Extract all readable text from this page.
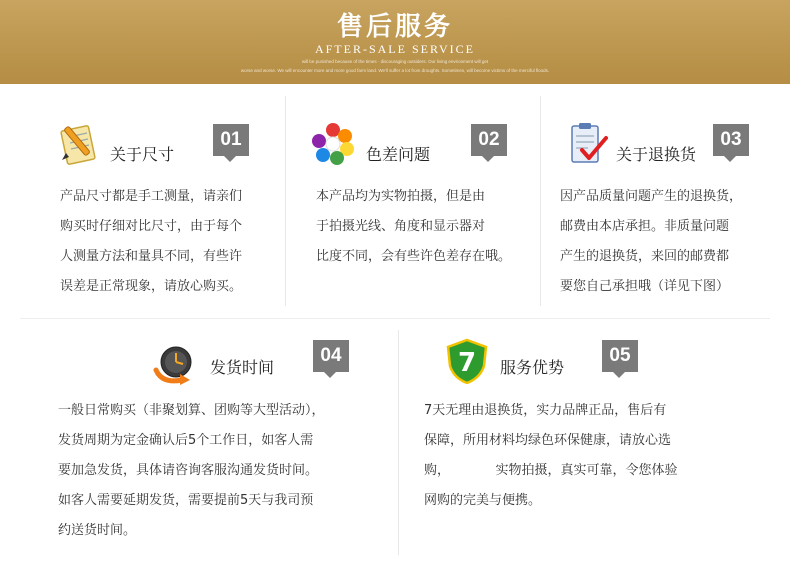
售后服务
AFTER-SALE SERVICE
will be punished because of the times · discouraging outsiders. Our living environment will get
worse and worse. We will encounter more and more good farm land. We'll suffer a lot from droughts. Sometimes, will become victims of the merciful floods.
关于尺寸
01

产品尺寸都是手工测量，请亲们

购买时仔细对比尺寸，由于每个

人测量方法和量具不同，有些许

误差是正常现象，请放心购买。

色差问题
02

本产品均为实物拍摄，但是由

于拍摄光线、角度和显示器对

比度不同，会有些许色差存在哦。

关于退换货
03

因产品质量问题产生的退换货，

邮费由本店承担。非质量问题

产生的退换货，来回的邮费都

要您自己承担哦（详见下图）

发货时间
04

一般日常购买（非聚划算、团购等大型活动），

发货周期为定金确认后5个工作日，如客人需

要加急发货，具体请咨询客服沟通发货时间。

如客人需要延期发货，需要提前5天与我司预

约送货时间。

7 服务优势
05

7天无理由退换货，实力品牌正品，售后有

保障，所用材料均绿色环保健康，请放心选

购，           实物拍摄，真实可靠，令您体验

网购的完美与便携。
